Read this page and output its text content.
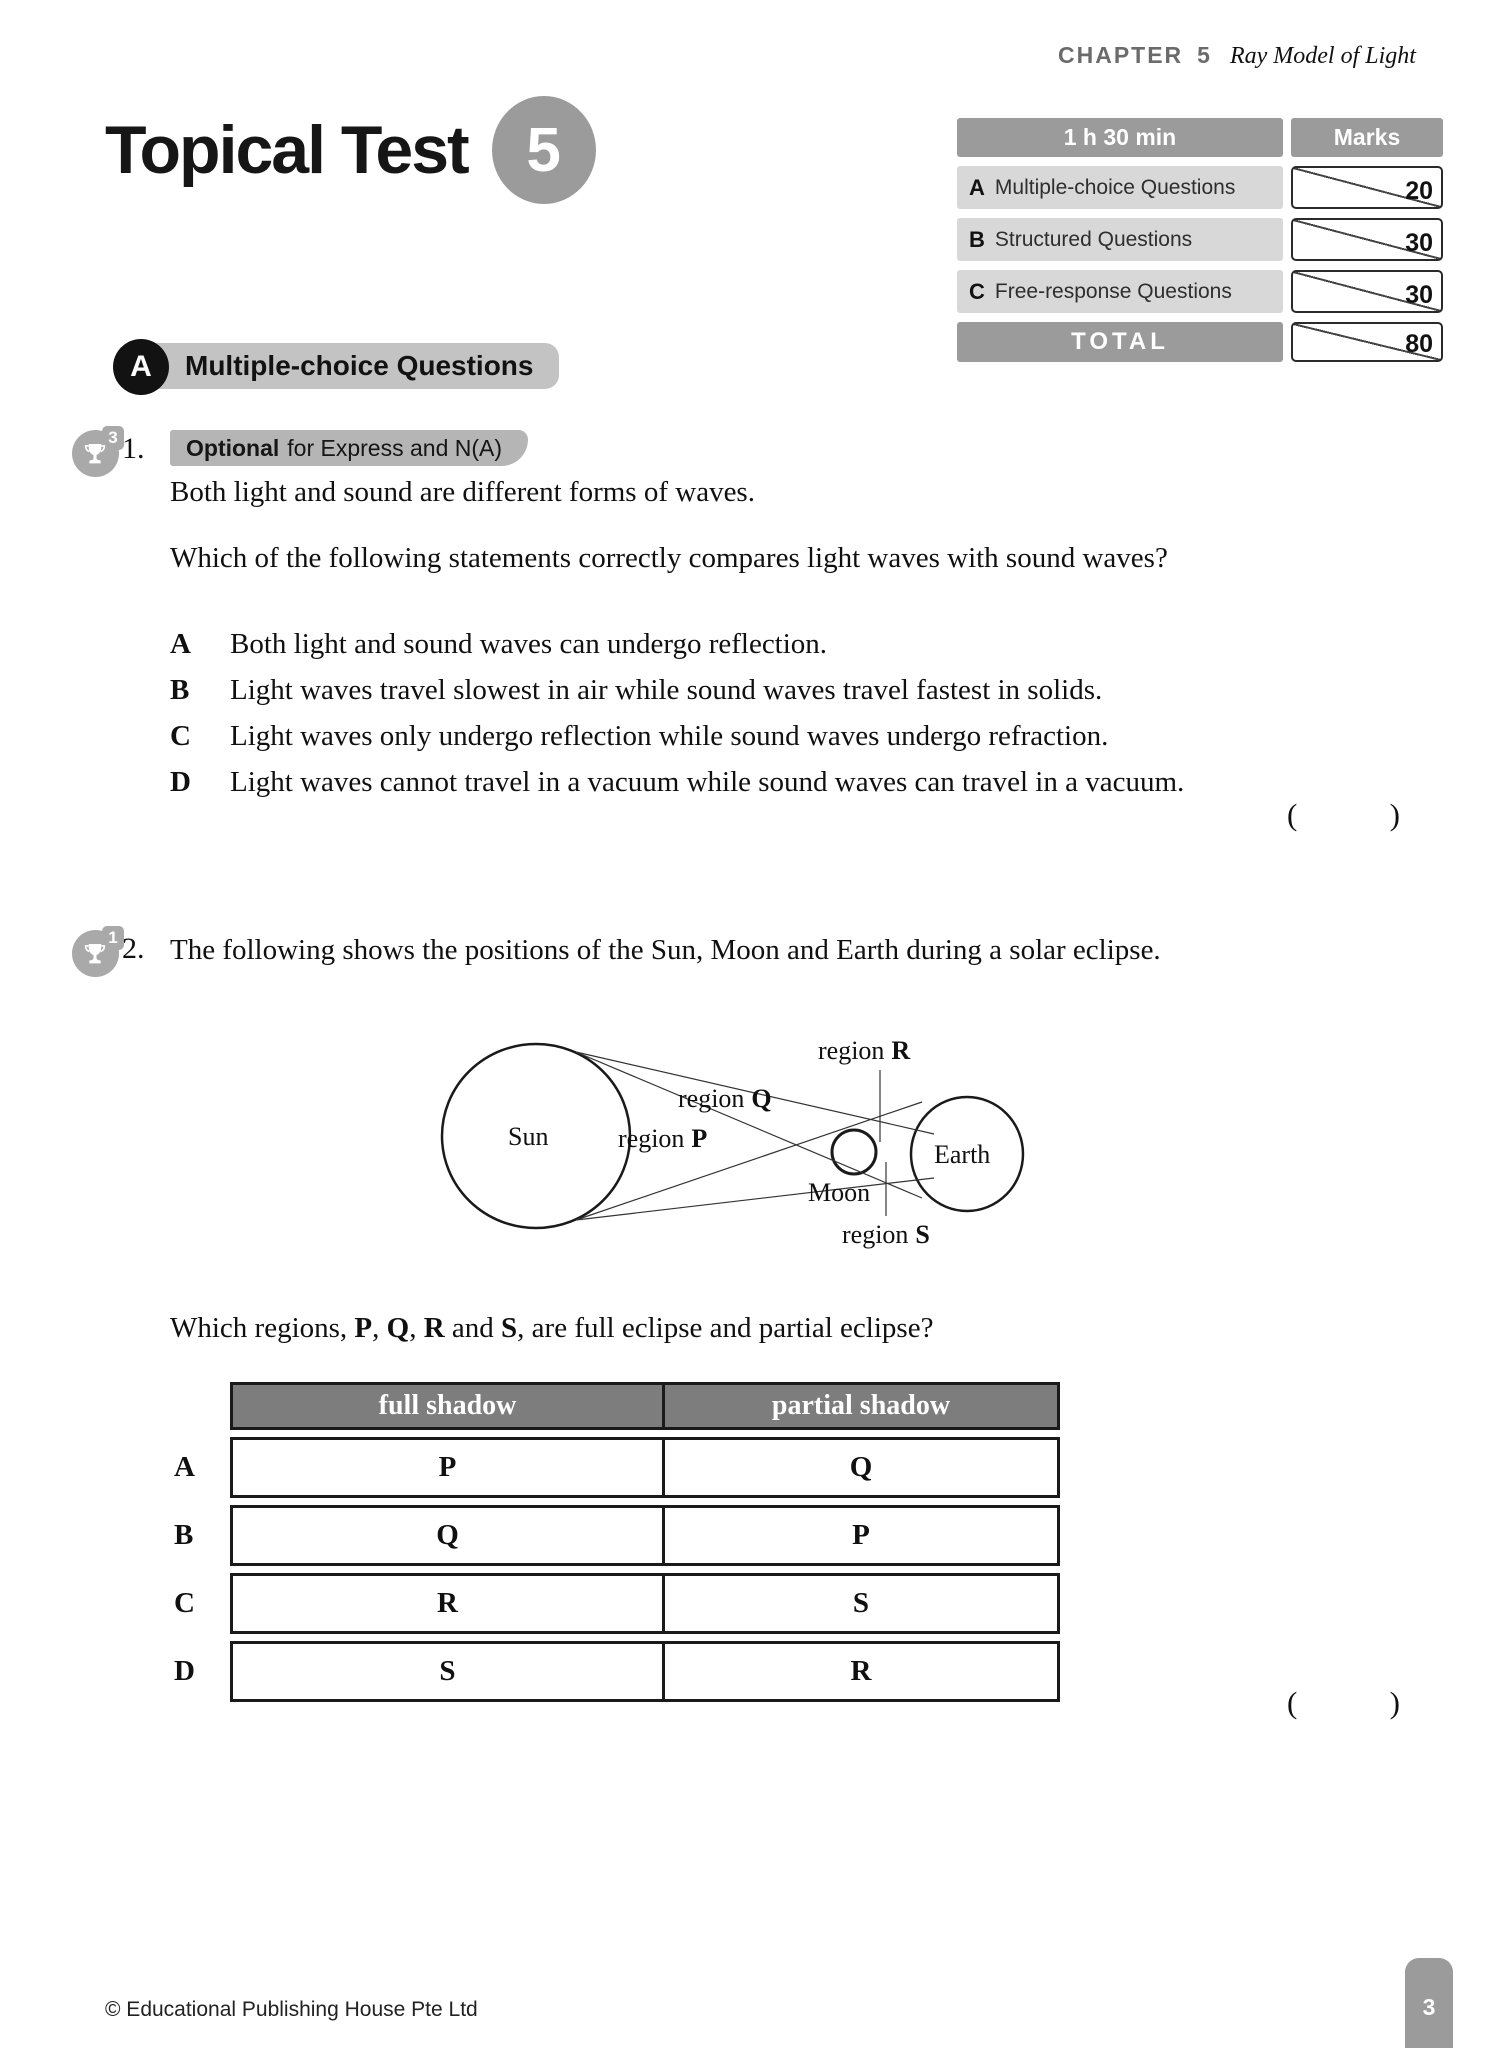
CHAPTER 5 Ray Model of Light
Topical Test 5	1 h 30 min	Marks
A Multiple-choice Questions	20
B Structured Questions	30
C Free-response Questions	30
TOTAL	80
Multiple-choice Questions
A
3 1. Optional for Express and N(A)
Both light and sound are different forms of waves.
Which of the following statements correctly compares light waves with sound waves?
A	Both light and sound waves can undergo reflection.
B	Light waves travel slowest in air while sound waves travel fastest in solids.
C	Light waves only undergo reflection while sound waves undergo refraction.
D	Light waves cannot travel in a vacuum while sound waves can travel in a vacuum.
(	)
1 2. The following shows the positions of the Sun, Moon and Earth during a solar eclipse.
region R
region Q
region P
Sun
Earth
Moon
region S
Which regions, P, Q, R and S, are full eclipse and partial eclipse?
full shadow	partial shadow
A	P	Q
B	Q	P
C	R	S
D	S	R
(	)
© Educational Publishing House Pte Ltd	3
